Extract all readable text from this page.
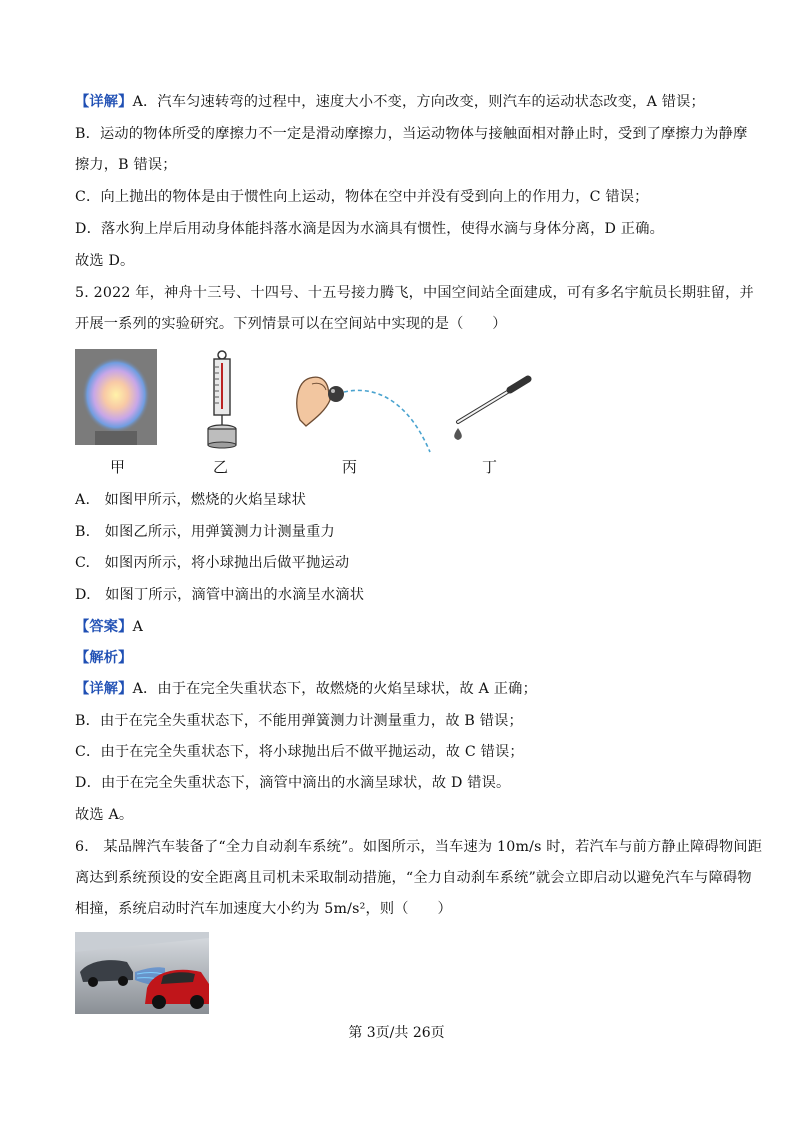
【详解】A．汽车匀速转弯的过程中，速度大小不变，方向改变，则汽车的运动状态改变，A 错误；
B．运动的物体所受的摩擦力不一定是滑动摩擦力，当运动物体与接触面相对静止时，受到了摩擦力为静摩
擦力，B 错误；
C．向上抛出的物体是由于惯性向上运动，物体在空中并没有受到向上的作用力，C 错误；
D．落水狗上岸后用动身体能抖落水滴是因为水滴具有惯性，使得水滴与身体分离，D 正确。
故选 D。
5. 2022 年，神舟十三号、十四号、十五号接力腾飞，中国空间站全面建成，可有多名宇航员长期驻留，并
开展一系列的实验研究。下列情景可以在空间站中实现的是（　　）
甲	乙	丙	丁
A.　如图甲所示，燃烧的火焰呈球状
B.　如图乙所示，用弹簧测力计测量重力
C.　如图丙所示，将小球抛出后做平抛运动
D.　如图丁所示，滴管中滴出的水滴呈水滴状
【答案】A
【解析】
【详解】A．由于在完全失重状态下，故燃烧的火焰呈球状，故 A 正确；
B．由于在完全失重状态下，不能用弹簧测力计测量重力，故 B 错误；
C．由于在完全失重状态下，将小球抛出后不做平抛运动，故 C 错误；
D．由于在完全失重状态下，滴管中滴出的水滴呈球状，故 D 错误。
故选 A。
6.　某品牌汽车装备了“全力自动刹车系统”。如图所示，当车速为 10m/s 时，若汽车与前方静止障碍物间距
离达到系统预设的安全距离且司机未采取制动措施，“全力自动刹车系统”就会立即启动以避免汽车与障碍物
相撞，系统启动时汽车加速度大小约为 5m/s²，则（　　）
第 3页/共 26页
